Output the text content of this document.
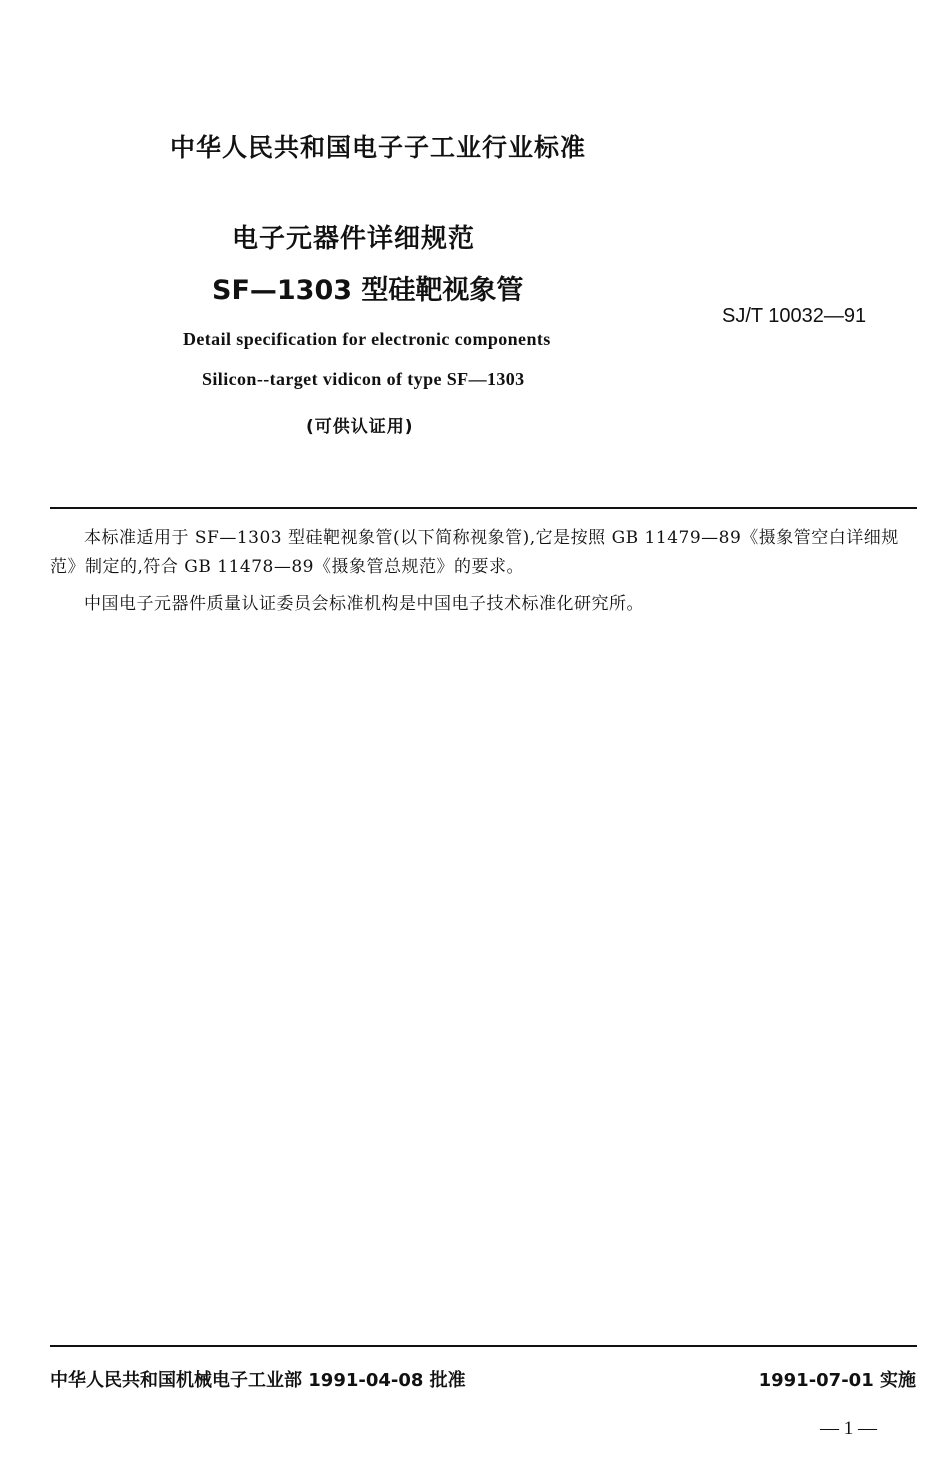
中华人民共和国电子子工业行业标准
电子元器件详细规范
SF—1303 型硅靶视象管
SJ/T 10032—91
Detail specification for electronic components
Silicon--target vidicon of type SF—1303
(可供认证用)

本标准适用于 SF—1303 型硅靶视象管(以下简称视象管),它是按照 GB 11479—89《摄象管空白详细规范》制定的,符合 GB 11478—89《摄象管总规范》的要求。

中国电子元器件质量认证委员会标准机构是中国电子技术标准化研究所。

中华人民共和国机械电子工业部 1991-04-08 批准	1991-07-01 实施
— 1 —
